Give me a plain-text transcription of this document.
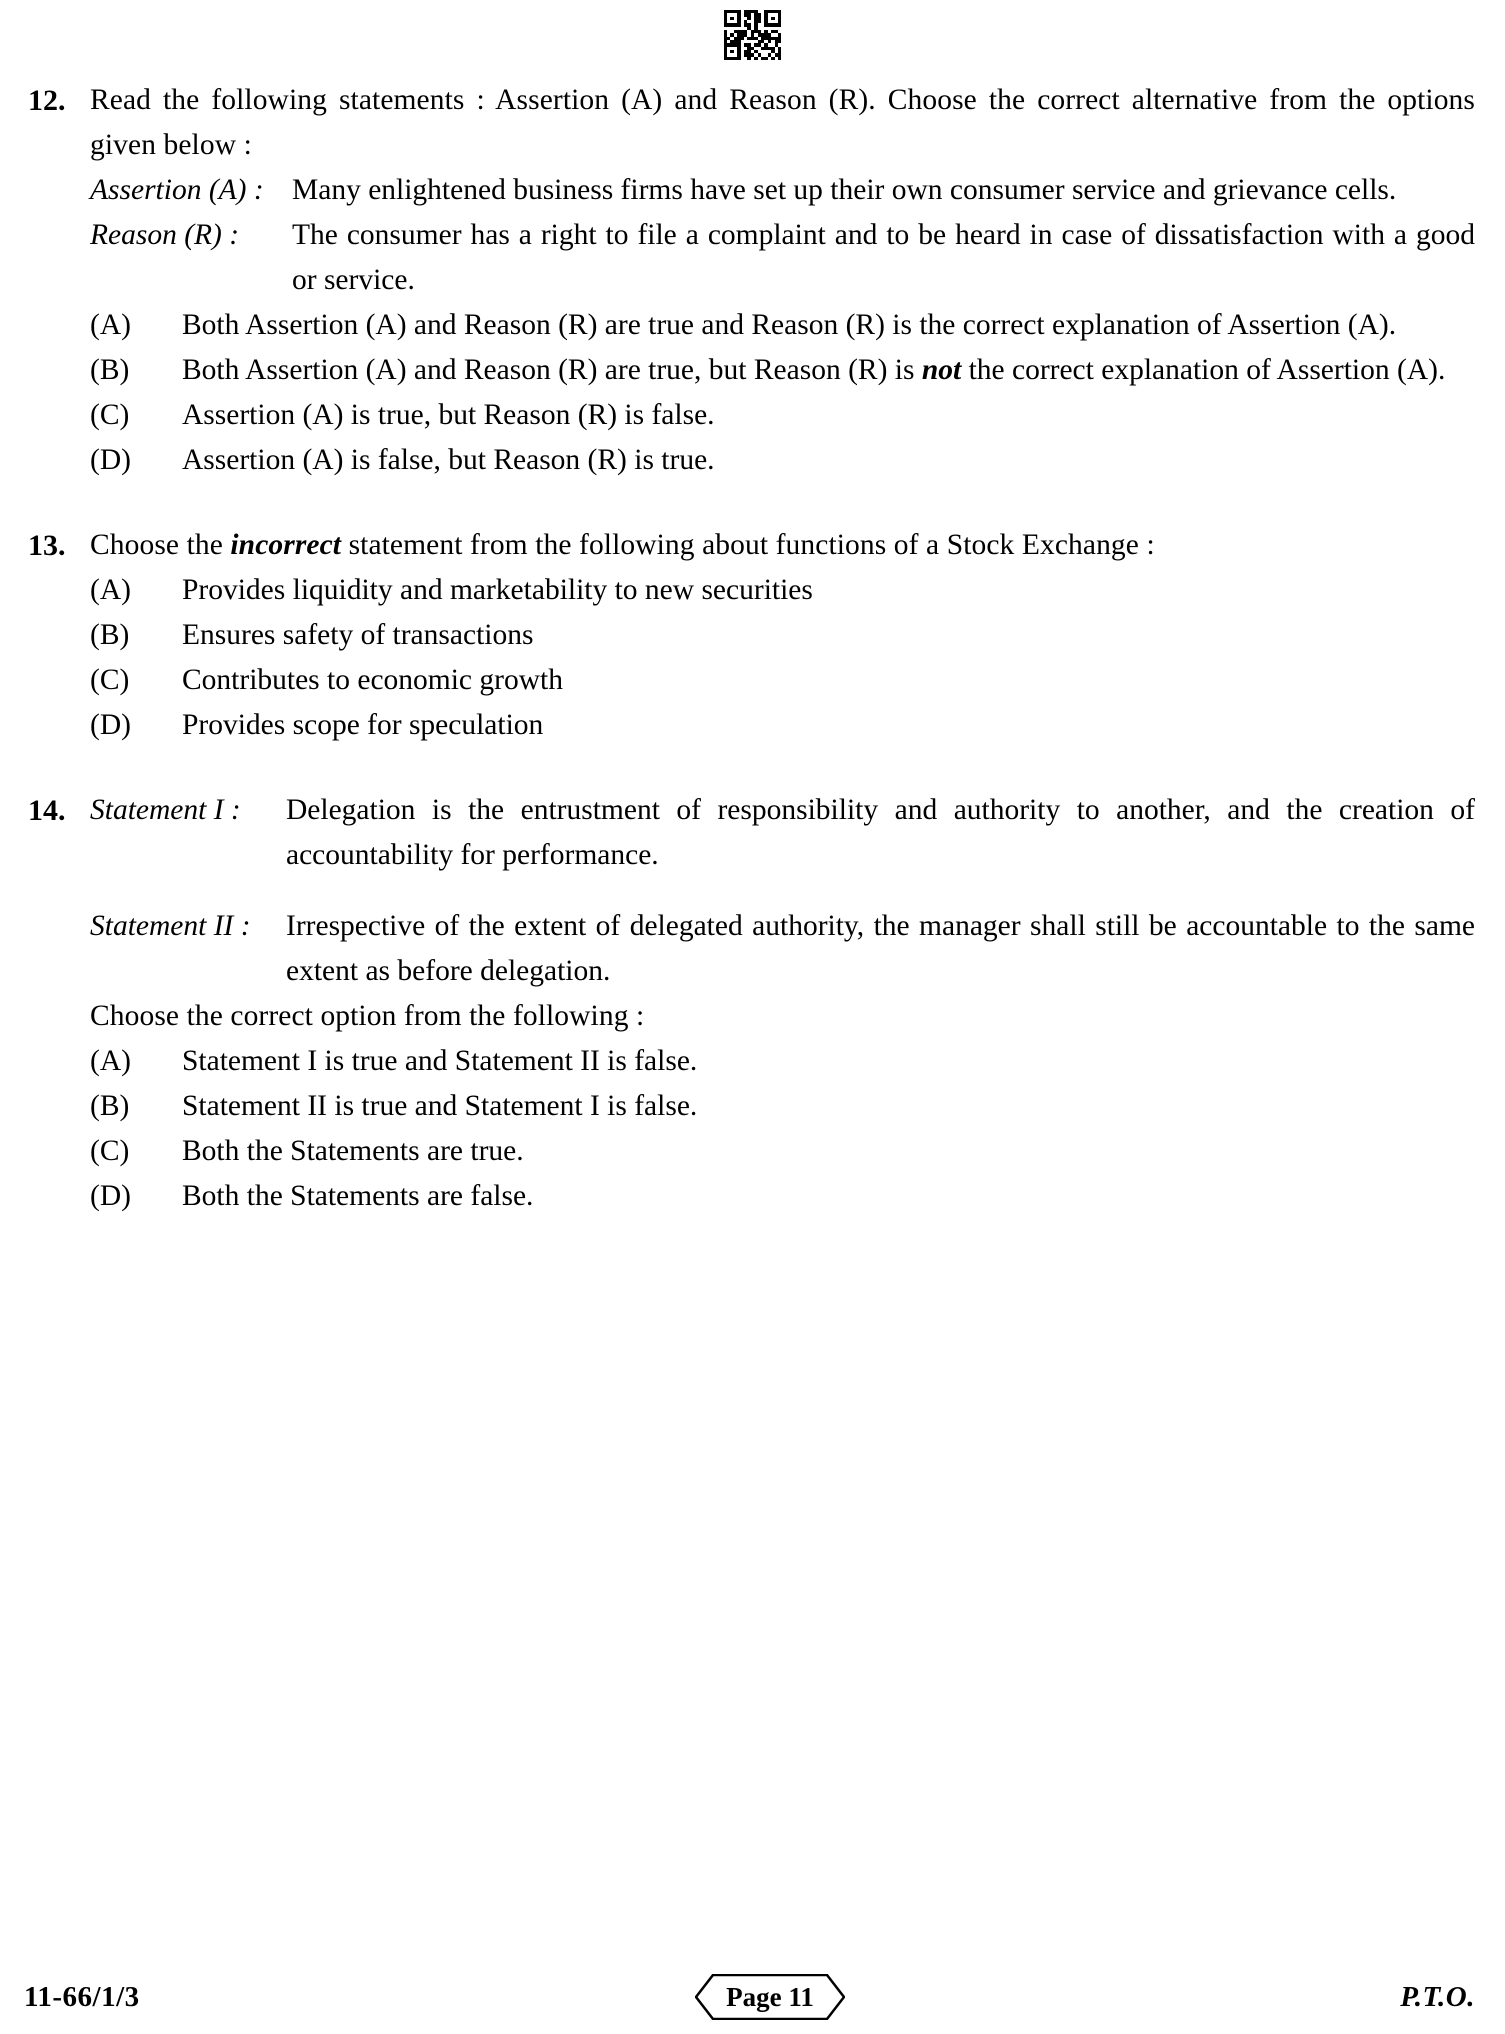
12. Read the following statements : Assertion (A) and Reason (R). Choose the correct alternative from the options given below :
Assertion (A) : Many enlightened business firms have set up their own consumer service and grievance cells.
Reason (R) :	The consumer has a right to file a complaint and to be heard in case of dissatisfaction with a good or service.
(A)	Both Assertion (A) and Reason (R) are true and Reason (R) is the correct explanation of Assertion (A).
(B)	Both Assertion (A) and Reason (R) are true, but Reason (R) is not the correct explanation of Assertion (A).
(C)	Assertion (A) is true, but Reason (R) is false.
(D)	Assertion (A) is false, but Reason (R) is true.
13. Choose the incorrect statement from the following about functions of a Stock Exchange :
(A)	Provides liquidity and marketability to new securities
(B)	Ensures safety of transactions
(C)	Contributes to economic growth
(D)	Provides scope for speculation
14. Statement I :	Delegation is the entrustment of responsibility and authority to another, and the creation of accountability for performance.
Statement II :	Irrespective of the extent of delegated authority, the manager shall still be accountable to the same extent as before delegation.
Choose the correct option from the following :
(A)	Statement I is true and Statement II is false.
(B)	Statement II is true and Statement I is false.
(C)	Both the Statements are true.
(D)	Both the Statements are false.
11-66/1/3	Page 11	P.T.O.
